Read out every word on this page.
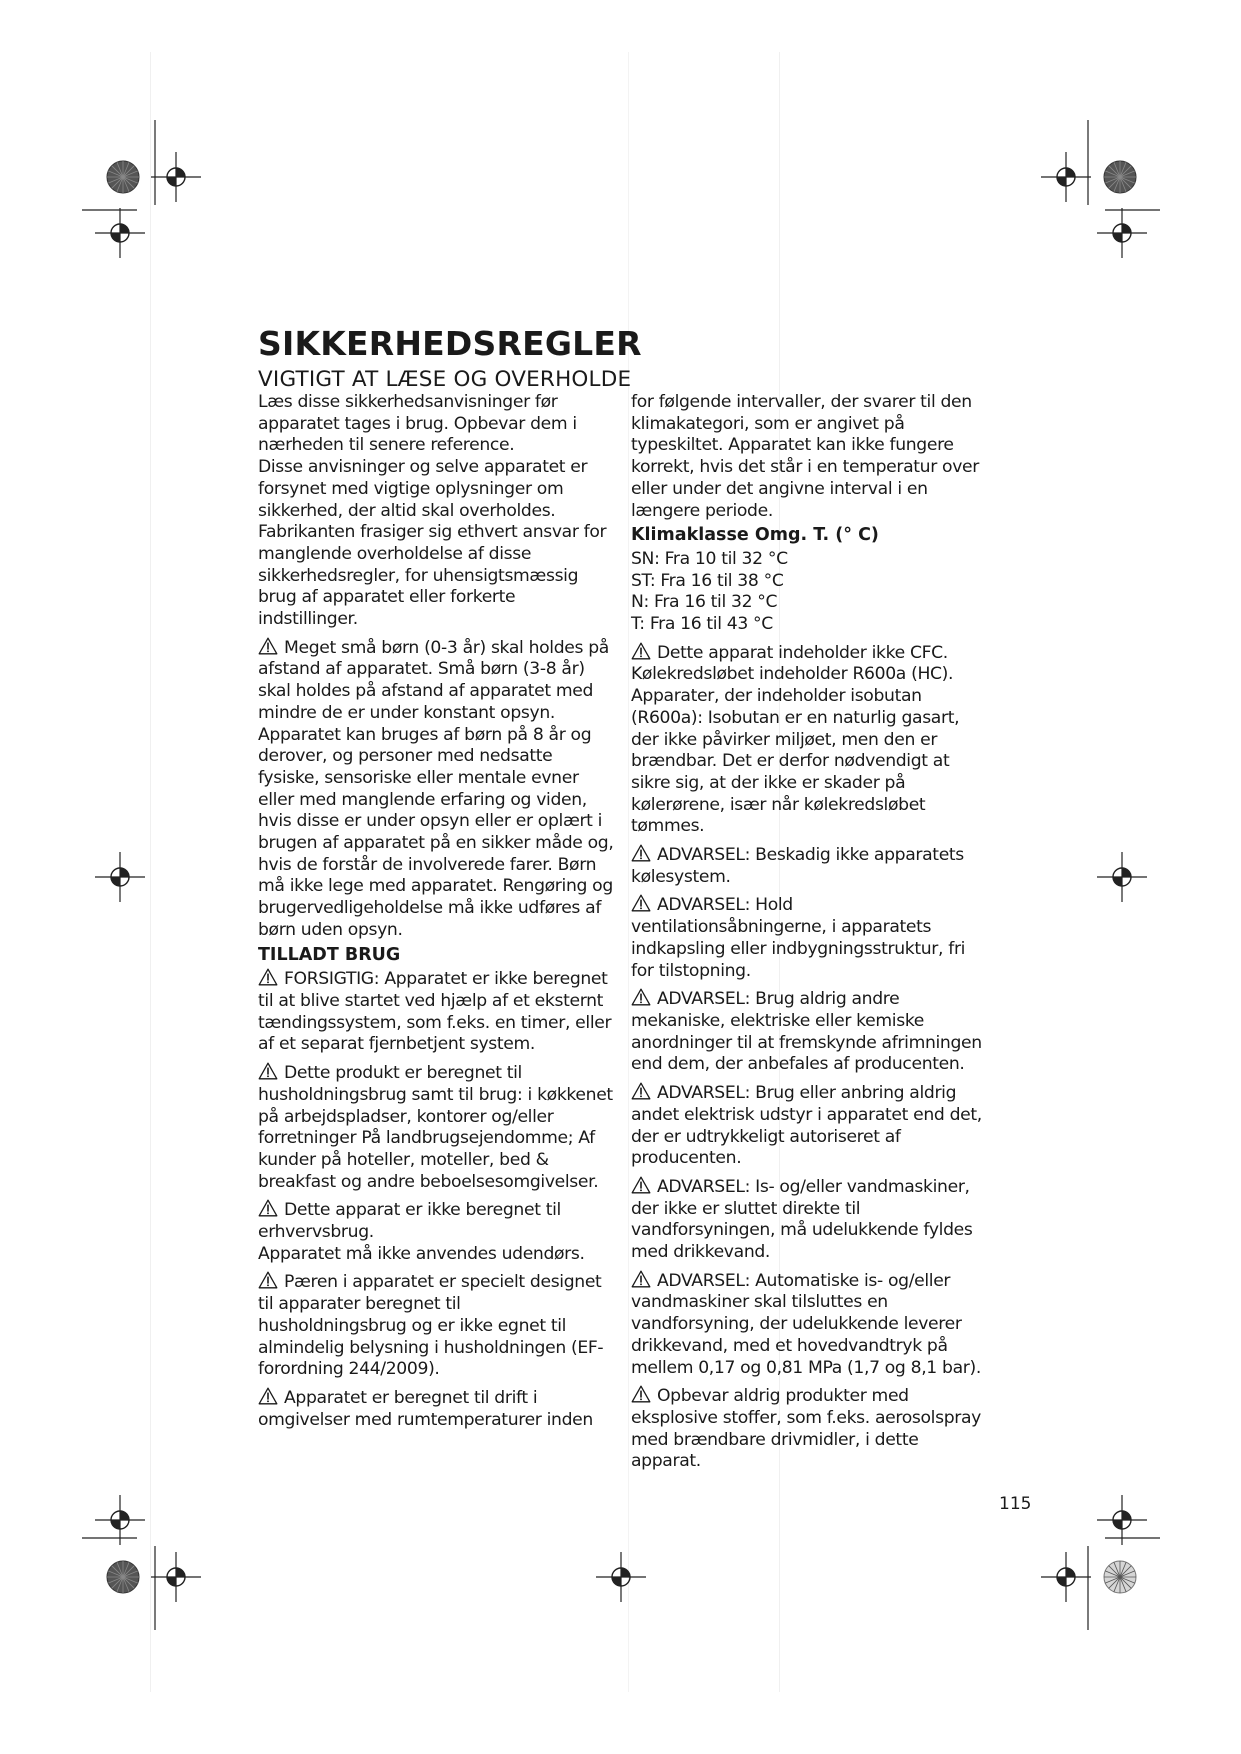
SIKKERHEDSREGLER
VIGTIGT AT LÆSE OG OVERHOLDE

Læs disse sikkerhedsanvisninger før apparatet tages i brug. Opbevar dem i nærheden til senere reference.

Disse anvisninger og selve apparatet er forsynet med vigtige oplysninger om sikkerhed, der altid skal overholdes. Fabrikanten frasiger sig ethvert ansvar for manglende overholdelse af disse sikkerhedsregler, for uhensigtsmæssig brug af apparatet eller forkerte indstillinger.

Meget små børn (0-3 år) skal holdes på afstand af apparatet. Små børn (3-8 år) skal holdes på afstand af apparatet med mindre de er under konstant opsyn. Apparatet kan bruges af børn på 8 år og derover, og personer med nedsatte fysiske, sensoriske eller mentale evner eller med manglende erfaring og viden, hvis disse er under opsyn eller er oplært i brugen af apparatet på en sikker måde og, hvis de forstår de involverede farer. Børn må ikke lege med apparatet. Rengøring og brugervedligeholdelse må ikke udføres af børn uden opsyn.

TILLADT BRUG

FORSIGTIG: Apparatet er ikke beregnet til at blive startet ved hjælp af et eksternt tændingssystem, som f.eks. en timer, eller af et separat fjernbetjent system.

Dette produkt er beregnet til husholdningsbrug samt til brug: i køkkenet på arbejdspladser, kontorer og/eller forretninger På landbrugsejendomme; Af kunder på hoteller, moteller, bed & breakfast og andre beboelsesomgivelser.

Dette apparat er ikke beregnet til erhvervsbrug.

Apparatet må ikke anvendes udendørs.

Pæren i apparatet er specielt designet til apparater beregnet til husholdningsbrug og er ikke egnet til almindelig belysning i husholdningen (EF-forordning 244/2009).

Apparatet er beregnet til drift i omgivelser med rumtemperaturer inden

for følgende intervaller, der svarer til den klimakategori, som er angivet på typeskiltet. Apparatet kan ikke fungere korrekt, hvis det står i en temperatur over eller under det angivne interval i en længere periode.

Klimaklasse Omg. T. (° C)

SN: Fra 10 til 32 °C

ST: Fra 16 til 38 °C

N: Fra 16 til 32 °C

T: Fra 16 til 43 °C

Dette apparat indeholder ikke CFC. Kølekredsløbet indeholder R600a (HC). Apparater, der indeholder isobutan (R600a): Isobutan er en naturlig gasart, der ikke påvirker miljøet, men den er brændbar. Det er derfor nødvendigt at sikre sig, at der ikke er skader på kølerørene, især når kølekredsløbet tømmes.

ADVARSEL: Beskadig ikke apparatets kølesystem.

ADVARSEL: Hold ventilationsåbningerne, i apparatets indkapsling eller indbygningsstruktur, fri for tilstopning.

ADVARSEL: Brug aldrig andre mekaniske, elektriske eller kemiske anordninger til at fremskynde afrimningen end dem, der anbefales af producenten.

ADVARSEL: Brug eller anbring aldrig andet elektrisk udstyr i apparatet end det, der er udtrykkeligt autoriseret af producenten.

ADVARSEL: Is- og/eller vandmaskiner, der ikke er sluttet direkte til vandforsyningen, må udelukkende fyldes med drikkevand.

ADVARSEL: Automatiske is- og/eller vandmaskiner skal tilsluttes en vandforsyning, der udelukkende leverer drikkevand, med et hovedvandtryk på mellem 0,17 og 0,81 MPa (1,7 og 8,1 bar).

Opbevar aldrig produkter med eksplosive stoffer, som f.eks. aerosolspray med brændbare drivmidler, i dette apparat.

115
